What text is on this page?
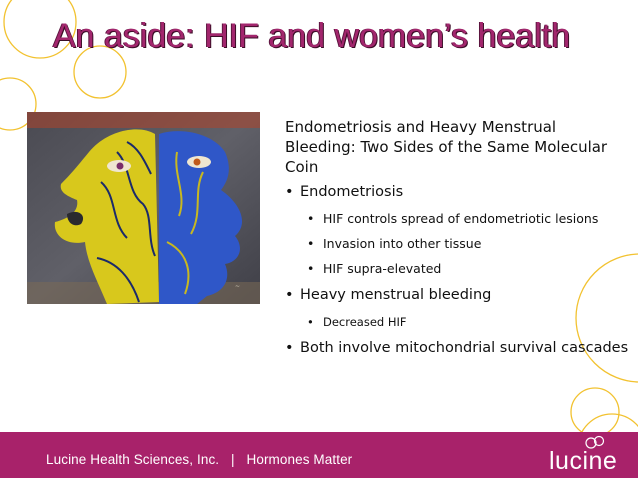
An aside: HIF and women’s health
~
Endometriosis and Heavy Menstrual Bleeding: Two Sides of the Same Molecular Coin
• Endometriosis
• HIF controls spread of endometriotic lesions
• Invasion into other tissue
• HIF supra-elevated
• Heavy menstrual bleeding
• Decreased HIF
• Both involve mitochondrial survival cascades
Lucine Health Sciences, Inc. | Hormones Matter	lucine
